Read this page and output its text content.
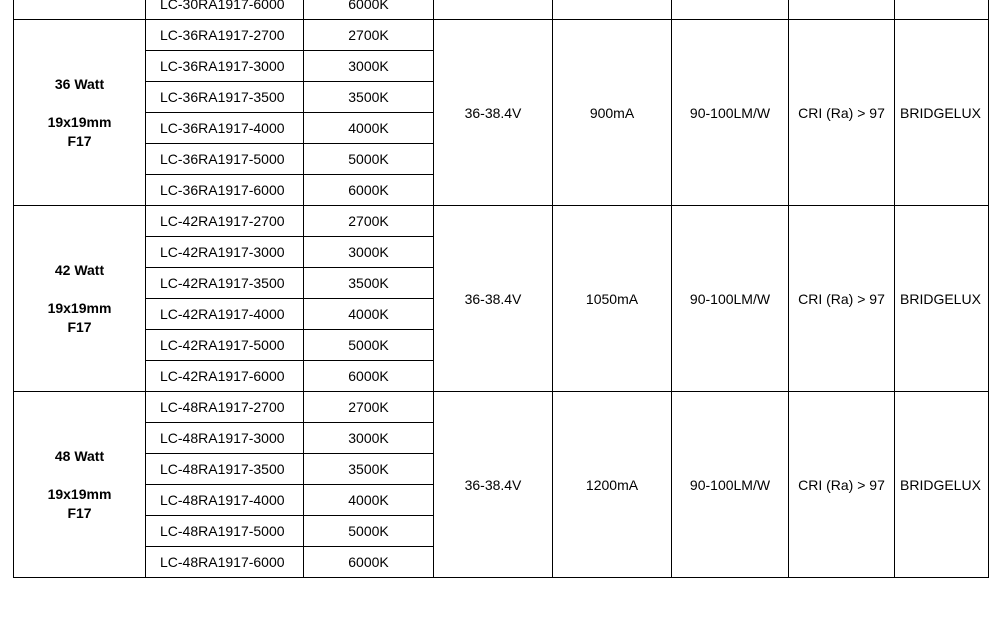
	LC-30RA1917-6000	6000K					

36 Watt
19x19mm
F17	LC-36RA1917-2700	2700K	36-38.4V	900mA	90-100LM/W	CRI (Ra) > 97	BRIDGELUX
	LC-36RA1917-3000	3000K					
	LC-36RA1917-3500	3500K					
	LC-36RA1917-4000	4000K					
	LC-36RA1917-5000	5000K					
	LC-36RA1917-6000	6000K					

42 Watt
19x19mm
F17	LC-42RA1917-2700	2700K	36-38.4V	1050mA	90-100LM/W	CRI (Ra) > 97	BRIDGELUX
	LC-42RA1917-3000	3000K					
	LC-42RA1917-3500	3500K					
	LC-42RA1917-4000	4000K					
	LC-42RA1917-5000	5000K					
	LC-42RA1917-6000	6000K					

48 Watt
19x19mm
F17	LC-48RA1917-2700	2700K	36-38.4V	1200mA	90-100LM/W	CRI (Ra) > 97	BRIDGELUX
	LC-48RA1917-3000	3000K					
	LC-48RA1917-3500	3500K					
	LC-48RA1917-4000	4000K					
	LC-48RA1917-5000	5000K					
	LC-48RA1917-6000	6000K					
